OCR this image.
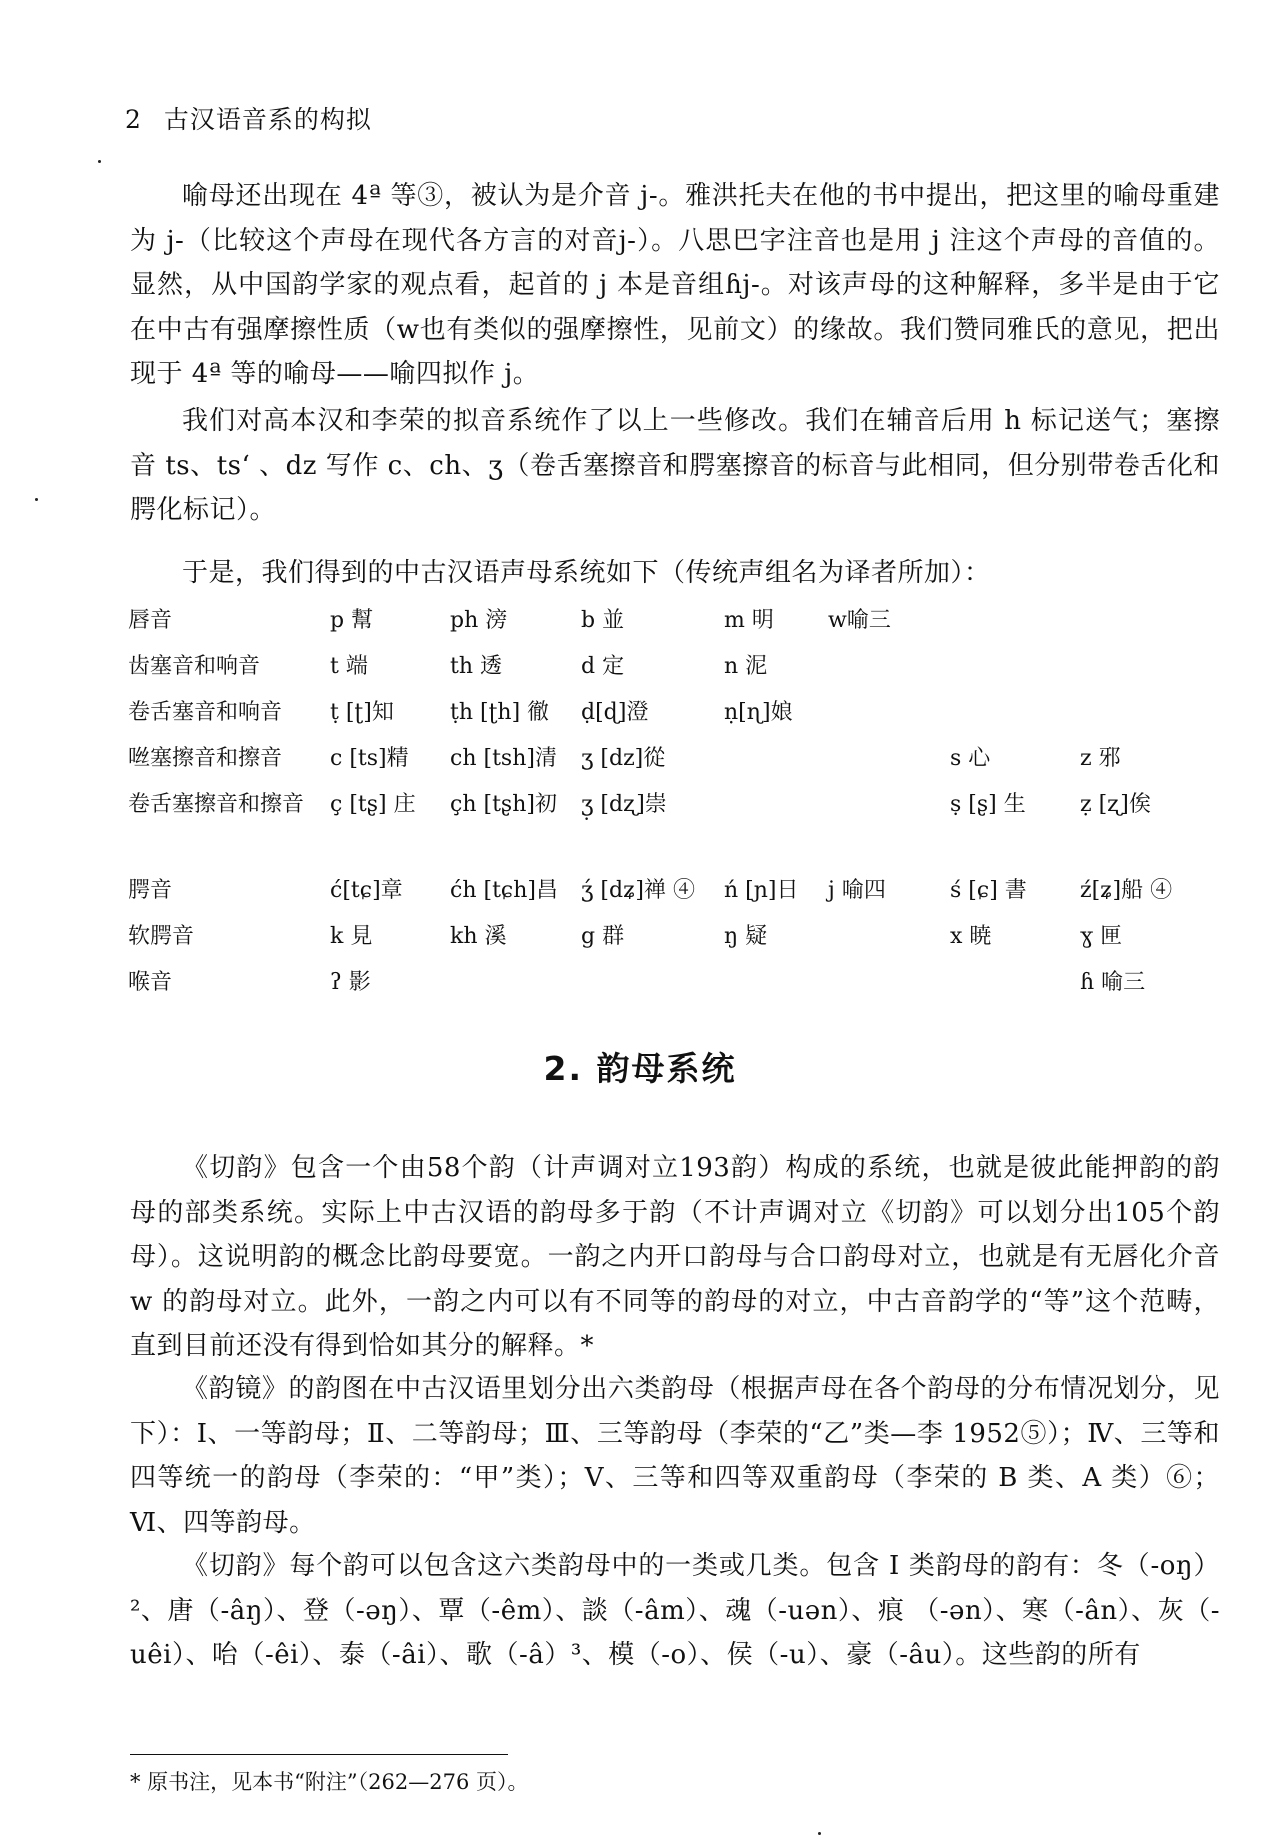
2 古汉语音系的构拟
喻母还出现在 4ª 等③，被认为是介音 j-。雅洪托夫在他的书中提出，把这里的喻母重建为 j-（比较这个声母在现代各方言的对音j-）。八思巴字注音也是用 j 注这个声母的音值的。显然，从中国韵学家的观点看，起首的 j 本是音组ɦj-。对该声母的这种解释，多半是由于它在中古有强摩擦性质（w也有类似的强摩擦性，见前文）的缘故。我们赞同雅氏的意见，把出现于 4ª 等的喻母——喻四拟作 j。
我们对高本汉和李荣的拟音系统作了以上一些修改。我们在辅音后用 h 标记送气；塞擦音 ts、tsʻ 、dz 写作 c、ch、ʒ（卷舌塞擦音和腭塞擦音的标音与此相同，但分别带卷舌化和腭化标记）。
于是，我们得到的中古汉语声母系统如下（传统声组名为译者所加）：
唇音	p 幫	ph 滂	b 並	m 明	w喻三		
齿塞音和响音	t 端	th 透	d 定	n 泥			
卷舌塞音和响音	ṭ [ʈ]知	ṭh [ʈh] 徹	ḍ[ɖ]澄	ṇ[ɳ]娘			
咝塞擦音和擦音	c [ts]精	ch [tsh]清	ʒ [dz]從			s 心	z 邪
卷舌塞擦音和擦音	ç [tʂ] 庄	çh [tʂh]初	ʒ̣ [dʐ]崇			ṣ [ʂ] 生	ẓ [ʐ]俟

腭音	ć[tɕ]章	ćh [tɕh]昌	ʒ́ [dʑ]禅 ④	ń [ɲ]日	j 喻四	ś [ɕ] 書	ź[ʑ]船 ④
软腭音	k 見	kh 溪	g 群	ŋ 疑		x 暁	ɣ 匣
喉音	ʔ 影						ɦ 喻三
2. 韵母系统
《切韵》包含一个由58个韵（计声调对立193韵）构成的系统，也就是彼此能押韵的韵母的部类系统。实际上中古汉语的韵母多于韵（不计声调对立《切韵》可以划分出105个韵母）。这说明韵的概念比韵母要宽。一韵之内开口韵母与合口韵母对立，也就是有无唇化介音 w 的韵母对立。此外，一韵之内可以有不同等的韵母的对立，中古音韵学的“等”这个范畴，直到目前还没有得到恰如其分的解释。*
《韵镜》的韵图在中古汉语里划分出六类韵母（根据声母在各个韵母的分布情况划分，见下）：Ⅰ、一等韵母；Ⅱ、二等韵母；Ⅲ、三等韵母（李荣的“乙”类—李 1952⑤）；Ⅳ、三等和四等统一的韵母（李荣的：“甲”类）；Ⅴ、三等和四等双重韵母（李荣的 B 类、A 类）⑥；Ⅵ、四等韵母。
《切韵》每个韵可以包含这六类韵母中的一类或几类。包含 I 类韵母的韵有：冬（-oŋ）²、唐（-âŋ）、登（-əŋ）、覃（-êm）、談（-âm）、魂（-uən）、痕 （-ən）、寒（-ân）、灰（-uêi）、咍（-êi）、泰（-âi）、歌（-â）³、模（-o）、侯（-u）、豪（-âu）。这些韵的所有
* 原书注，见本书“附注”（262—276 页）。
